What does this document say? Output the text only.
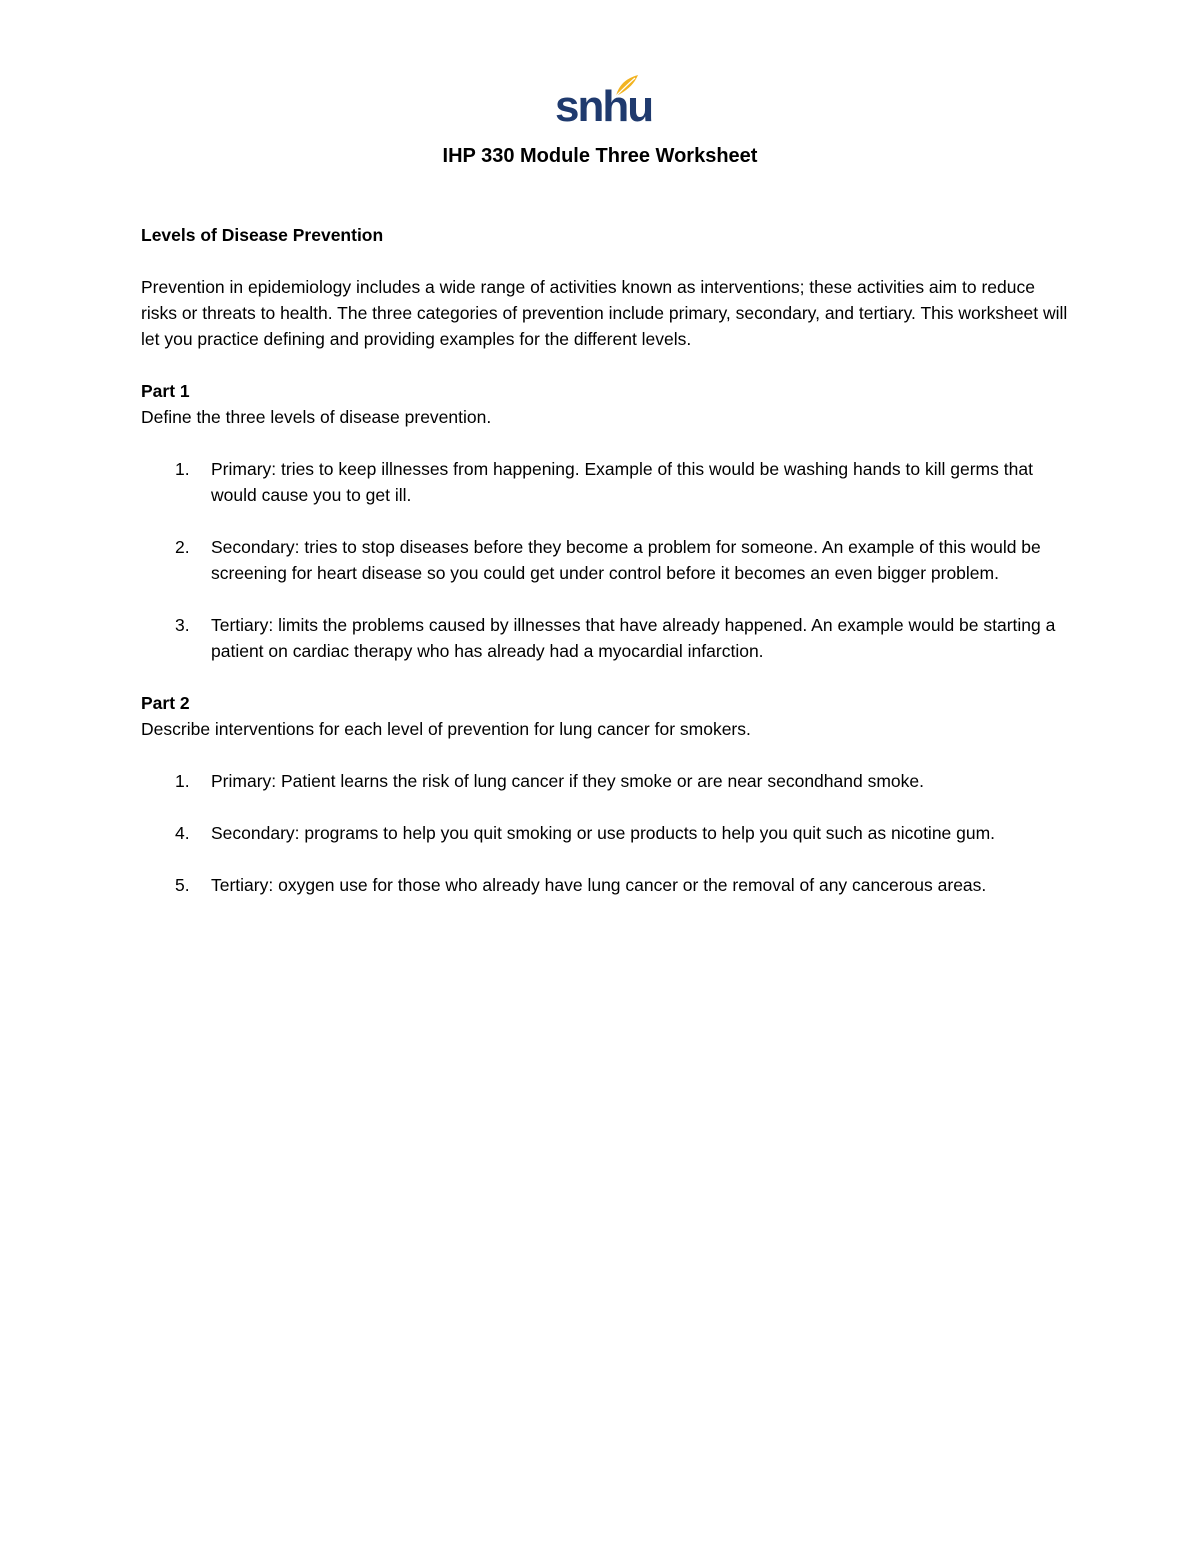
snhu
IHP 330 Module Three Worksheet

Levels of Disease Prevention

Prevention in epidemiology includes a wide range of activities known as interventions; these activities aim to reduce risks or threats to health. The three categories of prevention include primary, secondary, and tertiary. This worksheet will let you practice defining and providing examples for the different levels.

Part 1

Define the three levels of disease prevention.

1. Primary: tries to keep illnesses from happening. Example of this would be washing hands to kill germs that would cause you to get ill.
2. Secondary: tries to stop diseases before they become a problem for someone. An example of this would be screening for heart disease so you could get under control before it becomes an even bigger problem.
3. Tertiary: limits the problems caused by illnesses that have already happened. An example would be starting a patient on cardiac therapy who has already had a myocardial infarction.

Part 2

Describe interventions for each level of prevention for lung cancer for smokers.

1. Primary: Patient learns the risk of lung cancer if they smoke or are near secondhand smoke.
4. Secondary: programs to help you quit smoking or use products to help you quit such as nicotine gum.
5. Tertiary: oxygen use for those who already have lung cancer or the removal of any cancerous areas.
